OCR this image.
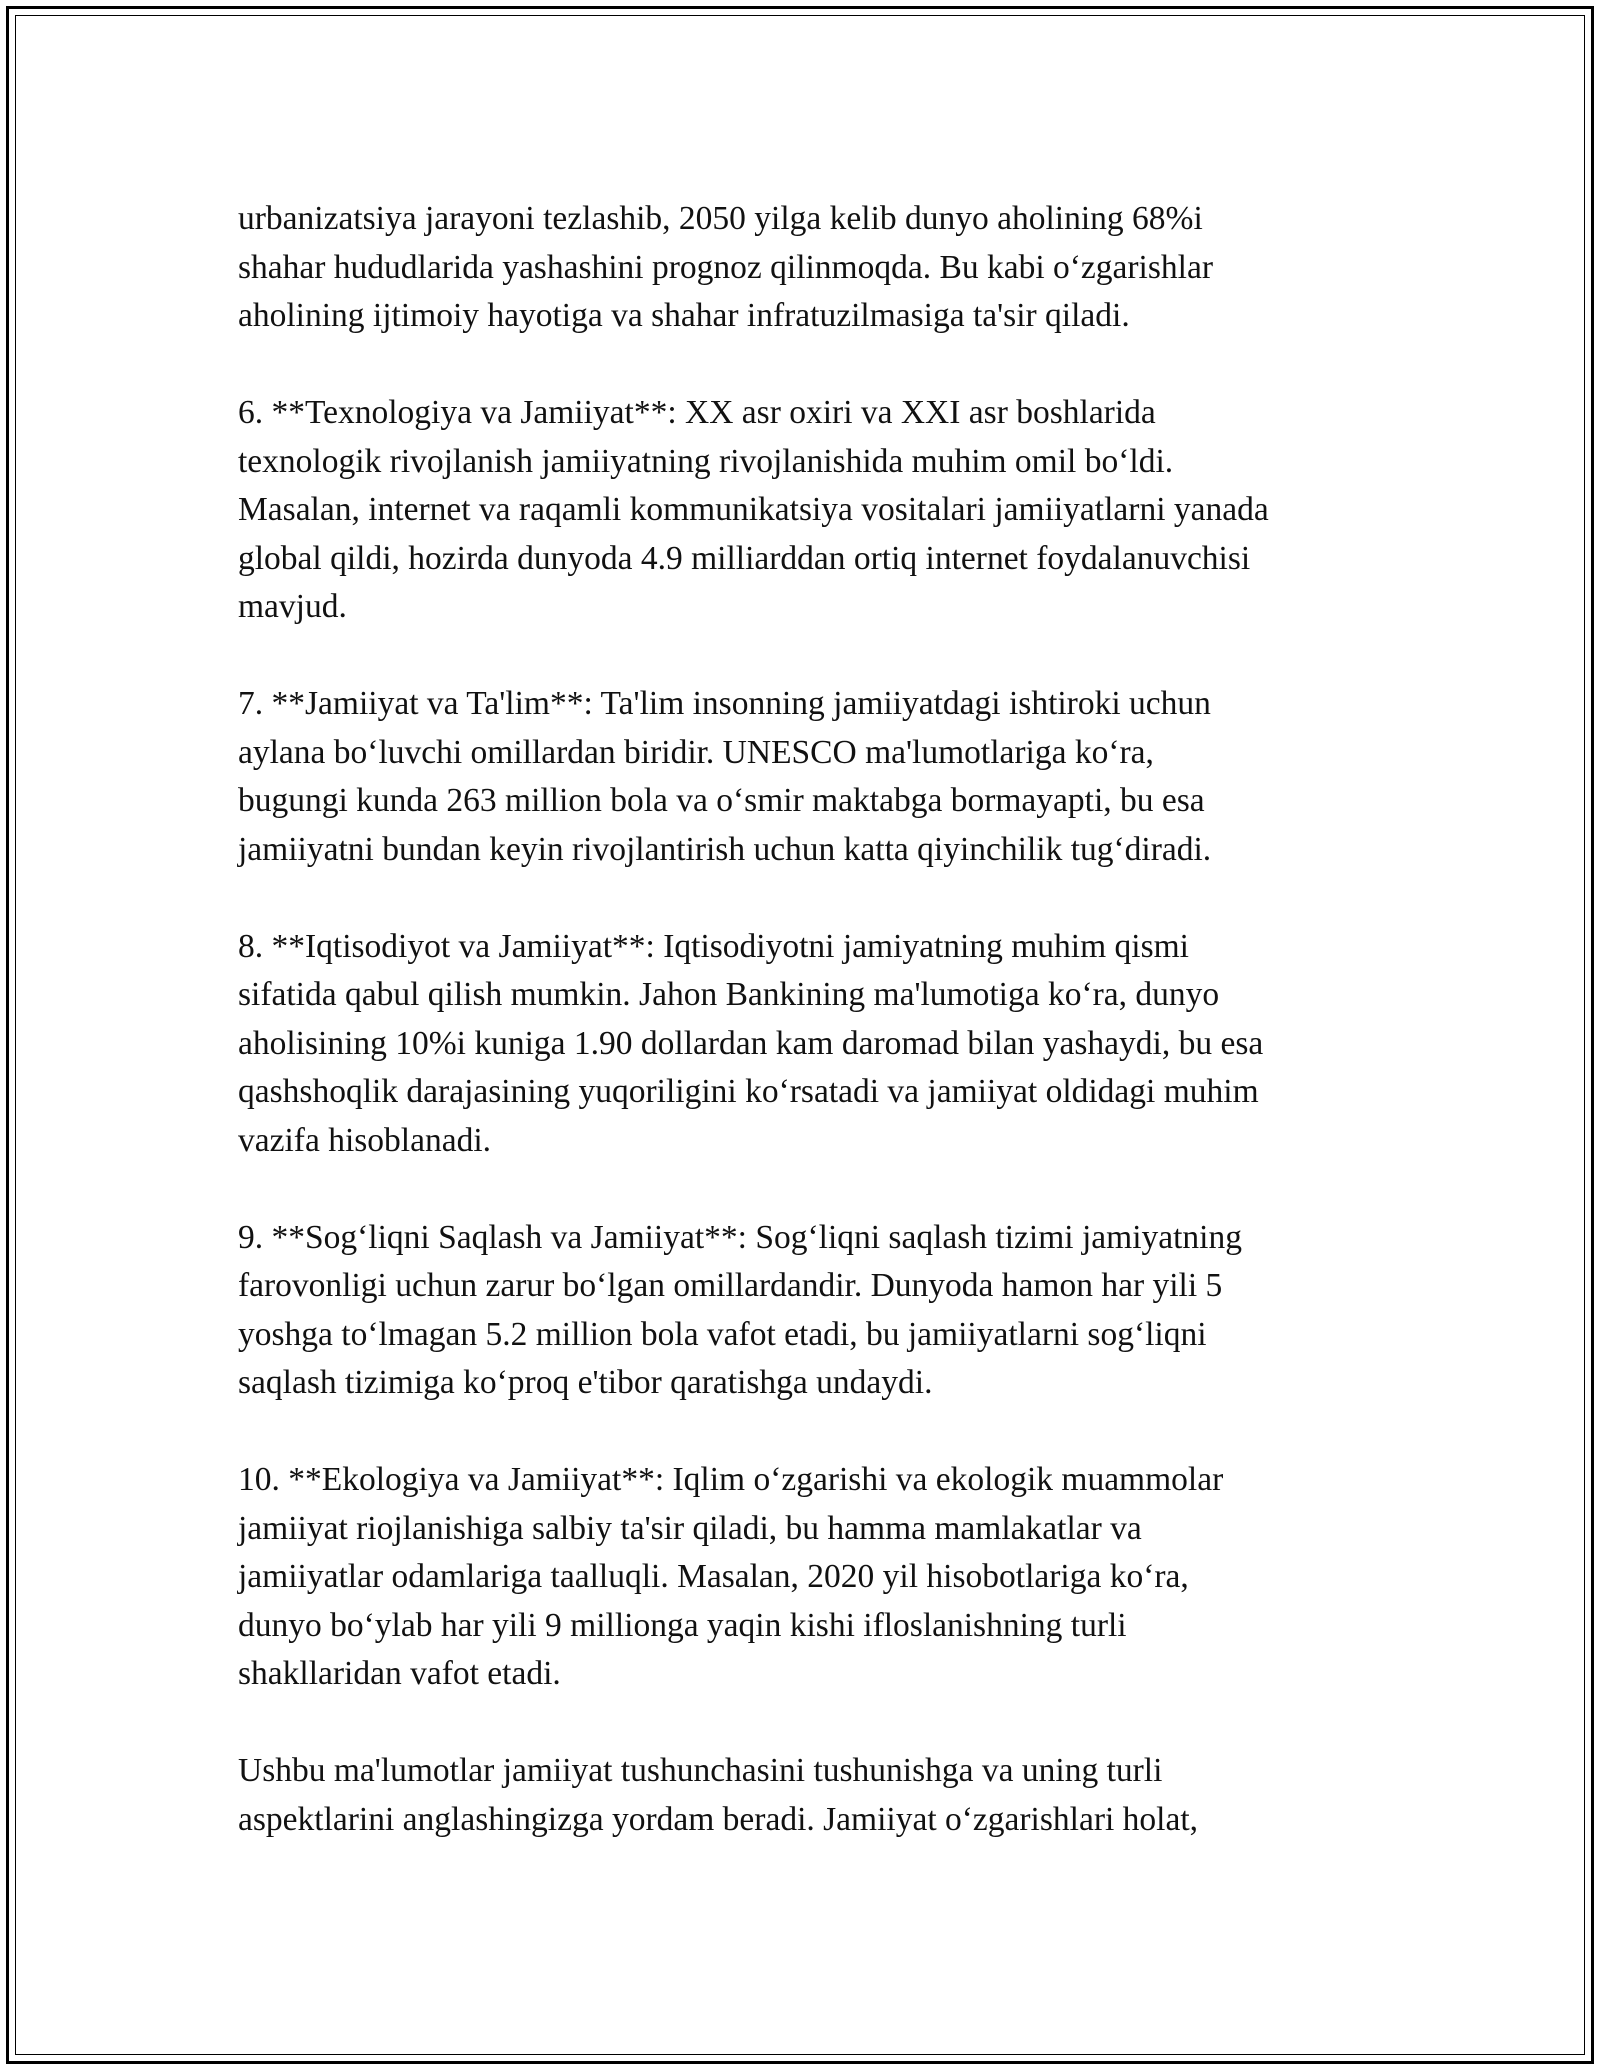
urbanizatsiya jarayoni tezlashib, 2050 yilga kelib dunyo aholining 68%i
shahar hududlarida yashashini prognoz qilinmoqda. Bu kabi o‘zgarishlar
aholining ijtimoiy hayotiga va shahar infratuzilmasiga ta'sir qiladi.

6. **Texnologiya va Jamiiyat**: XX asr oxiri va XXI asr boshlarida
texnologik rivojlanish jamiiyatning rivojlanishida muhim omil bo‘ldi.
Masalan, internet va raqamli kommunikatsiya vositalari jamiiyatlarni yanada
global qildi, hozirda dunyoda 4.9 milliarddan ortiq internet foydalanuvchisi
mavjud.

7. **Jamiiyat va Ta'lim**: Ta'lim insonning jamiiyatdagi ishtiroki uchun
aylana bo‘luvchi omillardan biridir. UNESCO ma'lumotlariga ko‘ra,
bugungi kunda 263 million bola va o‘smir maktabga bormayapti, bu esa
jamiiyatni bundan keyin rivojlantirish uchun katta qiyinchilik tug‘diradi.

8. **Iqtisodiyot va Jamiiyat**: Iqtisodiyotni jamiyatning muhim qismi
sifatida qabul qilish mumkin. Jahon Bankining ma'lumotiga ko‘ra, dunyo
aholisining 10%i kuniga 1.90 dollardan kam daromad bilan yashaydi, bu esa
qashshoqlik darajasining yuqoriligini ko‘rsatadi va jamiiyat oldidagi muhim
vazifa hisoblanadi.

9. **Sog‘liqni Saqlash va Jamiiyat**: Sog‘liqni saqlash tizimi jamiyatning
farovonligi uchun zarur bo‘lgan omillardandir. Dunyoda hamon har yili 5
yoshga to‘lmagan 5.2 million bola vafot etadi, bu jamiiyatlarni sog‘liqni
saqlash tizimiga ko‘proq e'tibor qaratishga undaydi.

10. **Ekologiya va Jamiiyat**: Iqlim o‘zgarishi va ekologik muammolar
jamiiyat riojlanishiga salbiy ta'sir qiladi, bu hamma mamlakatlar va
jamiiyatlar odamlariga taalluqli. Masalan, 2020 yil hisobotlariga ko‘ra,
dunyo bo‘ylab har yili 9 millionga yaqin kishi ifloslanishning turli
shakllaridan vafot etadi.

Ushbu ma'lumotlar jamiiyat tushunchasini tushunishga va uning turli
aspektlarini anglashingizga yordam beradi. Jamiiyat o‘zgarishlari holat,
